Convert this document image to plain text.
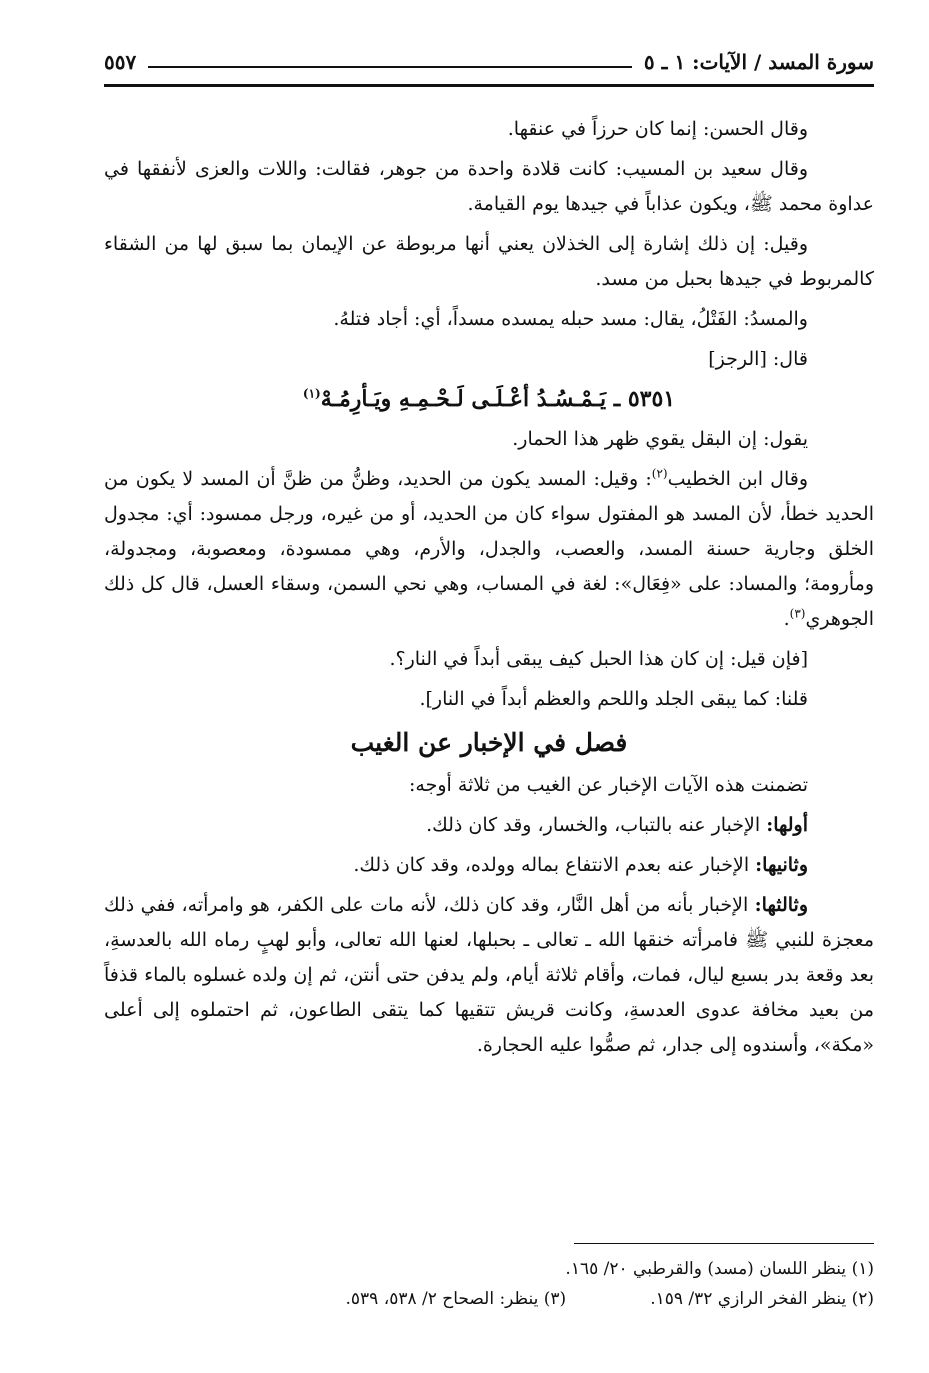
سورة المسد / الآيات: ١ ـ ٥
٥٥٧

وقال الحسن: إنما كان حرزاً في عنقها.

وقال سعيد بن المسيب: كانت قلادة واحدة من جوهر، فقالت: واللات والعزى لأنفقها في عداوة محمد ﷺ، ويكون عذاباً في جيدها يوم القيامة.

وقيل: إن ذلك إشارة إلى الخذلان يعني أنها مربوطة عن الإيمان بما سبق لها من الشقاء كالمربوط في جيدها بحبل من مسد.

والمسدُ: الفَتْلُ، يقال: مسد حبله يمسده مسداً، أي: أجاد فتلهُ.

قال: [الرجز]

٥٣٥١ ـ يَـمْـسُـدُ أعْـلَـى لَـحْـمِـهِ ويَـأرِمُـهْ$^{(١)}$

يقول: إن البقل يقوي ظهر هذا الحمار.

وقال ابن الخطيب$^{(٢)}$: وقيل: المسد يكون من الحديد، وظنُّ من ظنَّ أن المسد لا يكون من الحديد خطأ، لأن المسد هو المفتول سواء كان من الحديد، أو من غيره، ورجل ممسود: أي: مجدول الخلق وجارية حسنة المسد، والعصب، والجدل، والأرم، وهي ممسودة، ومعصوبة، ومجدولة، ومأرومة؛ والمساد: على «فِعَال»: لغة في المساب، وهي نحي السمن، وسقاء العسل، قال كل ذلك الجوهري$^{(٣)}$.

[فإن قيل: إن كان هذا الحبل كيف يبقى أبداً في النار؟.

قلنا: كما يبقى الجلد واللحم والعظم أبداً في النار].

فصل في الإخبار عن الغيب

تضمنت هذه الآيات الإخبار عن الغيب من ثلاثة أوجه:

أولها: الإخبار عنه بالتباب، والخسار، وقد كان ذلك.

وثانيها: الإخبار عنه بعدم الانتفاع بماله وولده، وقد كان ذلك.

وثالثها: الإخبار بأنه من أهل النَّار، وقد كان ذلك، لأنه مات على الكفر، هو وامرأته، ففي ذلك معجزة للنبي ﷺ فامرأته خنقها الله ـ تعالى ـ بحبلها، لعنها الله تعالى، وأبو لهبٍ رماه الله بالعدسةِ، بعد وقعة بدر بسبع ليال، فمات، وأقام ثلاثة أيام، ولم يدفن حتى أنتن، ثم إن ولده غسلوه بالماء قذفاً من بعيد مخافة عدوى العدسةِ، وكانت قريش تتقيها كما يتقى الطاعون، ثم احتملوه إلى أعلى «مكة»، وأسندوه إلى جدار، ثم صمُّوا عليه الحجارة.

(١) ينظر اللسان (مسد) والقرطبي ٢٠/ ١٦٥.
(٢) ينظر الفخر الرازي ٣٢/ ١٥٩.
(٣) ينظر: الصحاح ٢/ ٥٣٨، ٥٣٩.
